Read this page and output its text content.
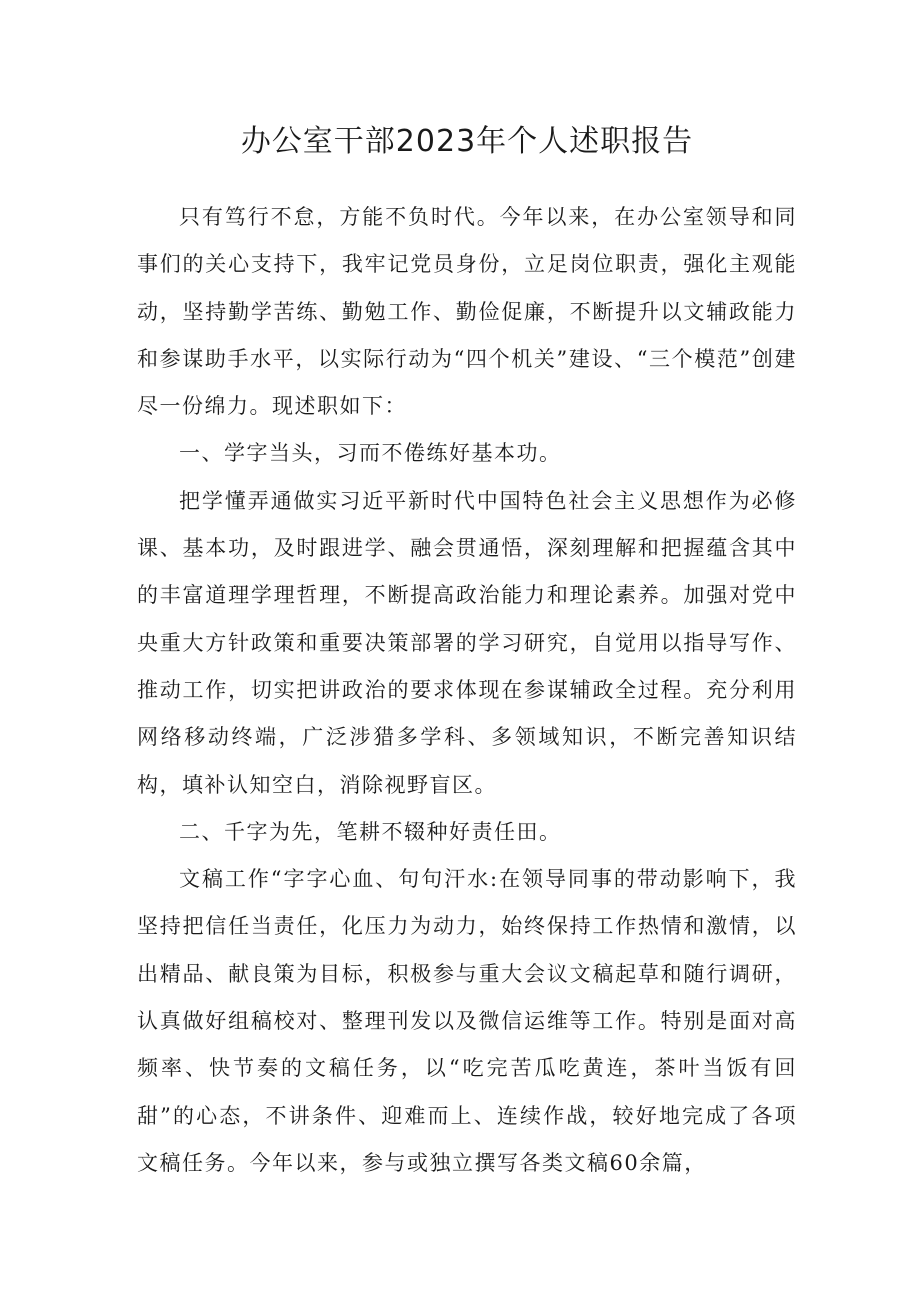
办公室干部2023年个人述职报告

只有笃行不怠，方能不负时代。今年以来，在办公室领导和同事们的关心支持下，我牢记党员身份，立足岗位职责，强化主观能动，坚持勤学苦练、勤勉工作、勤俭促廉，不断提升以文辅政能力和参谋助手水平，以实际行动为“四个机关”建设、“三个模范”创建尽一份绵力。现述职如下：

一、学字当头，习而不倦练好基本功。

把学懂弄通做实习近平新时代中国特色社会主义思想作为必修课、基本功，及时跟进学、融会贯通悟，深刻理解和把握蕴含其中的丰富道理学理哲理，不断提高政治能力和理论素养。加强对党中央重大方针政策和重要决策部署的学习研究，自觉用以指导写作、推动工作，切实把讲政治的要求体现在参谋辅政全过程。充分利用网络移动终端，广泛涉猎多学科、多领域知识，不断完善知识结构，填补认知空白，消除视野盲区。

二、千字为先，笔耕不辍种好责任田。

文稿工作“字字心血、句句汗水:在领导同事的带动影响下，我坚持把信任当责任，化压力为动力，始终保持工作热情和激情，以出精品、献良策为目标，积极参与重大会议文稿起草和随行调研，认真做好组稿校对、整理刊发以及微信运维等工作。特别是面对高频率、快节奏的文稿任务，以“吃完苦瓜吃黄连，茶叶当饭有回甜”的心态，不讲条件、迎难而上、连续作战，较好地完成了各项文稿任务。今年以来，参与或独立撰写各类文稿60余篇，
